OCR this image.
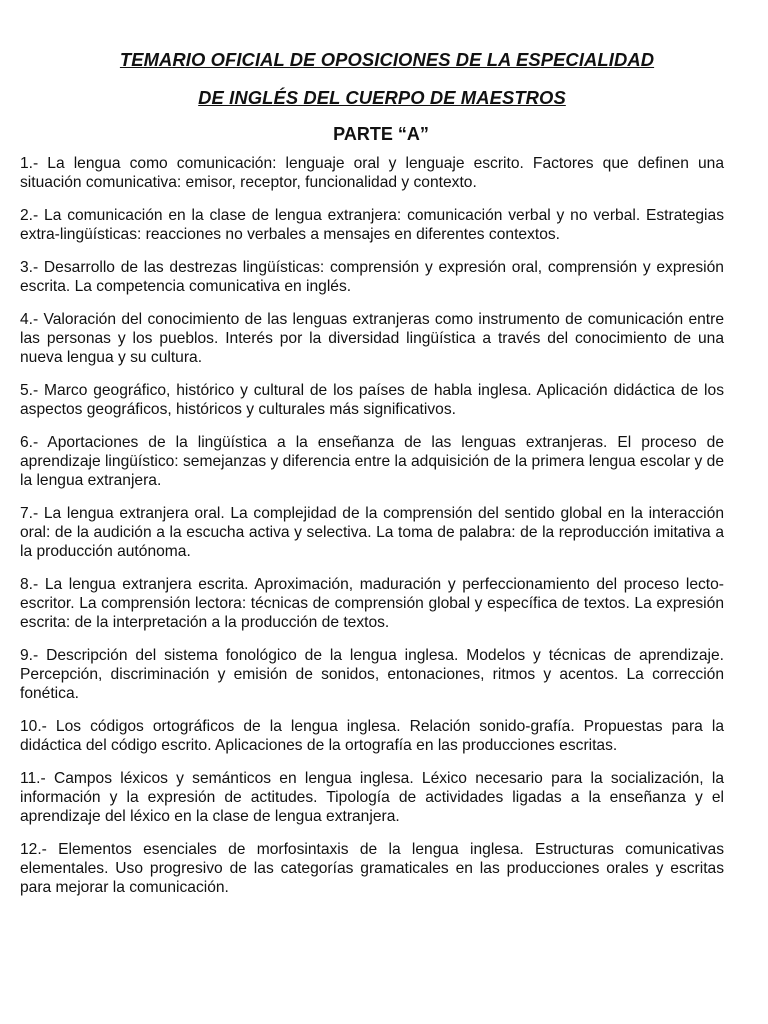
TEMARIO OFICIAL DE OPOSICIONES DE LA ESPECIALIDAD
DE INGLÉS DEL CUERPO DE MAESTROS
PARTE “A”

1.- La lengua como comunicación: lenguaje oral y lenguaje escrito. Factores que definen una situación comunicativa: emisor, receptor, funcionalidad y contexto.

2.- La comunicación en la clase de lengua extranjera: comunicación verbal y no verbal. Estrategias extra-lingüísticas: reacciones no verbales a mensajes en diferentes contextos.

3.- Desarrollo de las destrezas lingüísticas: comprensión y expresión oral, comprensión y expresión escrita. La competencia comunicativa en inglés.

4.- Valoración del conocimiento de las lenguas extranjeras como instrumento de comunicación entre las personas y los pueblos. Interés por la diversidad lingüística a través del conocimiento de una nueva lengua y su cultura.

5.- Marco geográfico, histórico y cultural de los países de habla inglesa. Aplicación didáctica de los aspectos geográficos, históricos y culturales más significativos.

6.- Aportaciones de la lingüística a la enseñanza de las lenguas extranjeras. El proceso de aprendizaje lingüístico: semejanzas y diferencia entre la adquisición de la primera lengua escolar y de la lengua extranjera.

7.- La lengua extranjera oral. La complejidad de la comprensión del sentido global en la interacción oral: de la audición a la escucha activa y selectiva. La toma de palabra: de la reproducción imitativa a la producción autónoma.

8.- La lengua extranjera escrita. Aproximación, maduración y perfeccionamiento del proceso lecto-escritor. La comprensión lectora: técnicas de comprensión global y específica de textos. La expresión escrita: de la interpretación a la producción de textos.

9.- Descripción del sistema fonológico de la lengua inglesa. Modelos y técnicas de aprendizaje. Percepción, discriminación y emisión de sonidos, entonaciones, ritmos y acentos. La corrección fonética.

10.- Los códigos ortográficos de la lengua inglesa. Relación sonido-grafía. Propuestas para la didáctica del código escrito. Aplicaciones de la ortografía en las producciones escritas.

11.- Campos léxicos y semánticos en lengua inglesa. Léxico necesario para la socialización, la información y la expresión de actitudes. Tipología de actividades ligadas a la enseñanza y el aprendizaje del léxico en la clase de lengua extranjera.

12.- Elementos esenciales de morfosintaxis de la lengua inglesa. Estructuras comunicativas elementales. Uso progresivo de las categorías gramaticales en las producciones orales y escritas para mejorar la comunicación.
